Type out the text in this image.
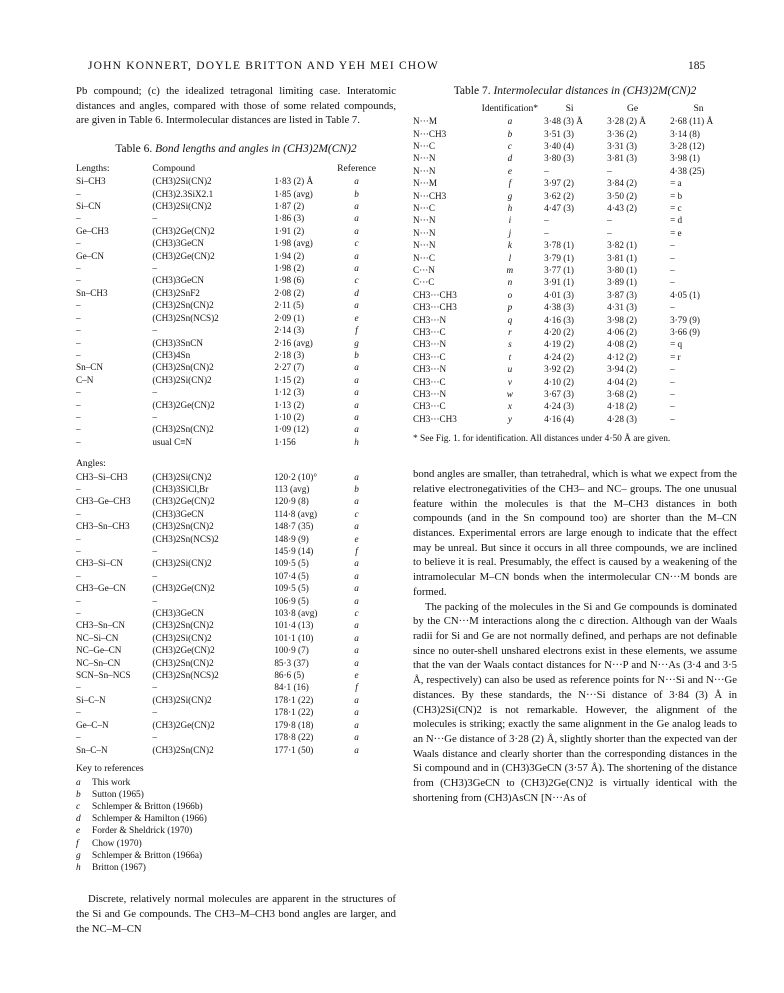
JOHN KONNERT, DOYLE BRITTON AND YEH MEI CHOW	185

Pb compound; (c) the idealized tetragonal limiting case. Interatomic distances and angles, compared with those of some related compounds, are given in Table 6. Intermolecular distances are listed in Table 7.

Table 6. Bond lengths and angles in (CH3)2M(CN)2
Lengths:	Compound		Reference
Si–CH3	(CH3)2Si(CN)2	1·83 (2) Å	a
–	(CH3)2.3SiX2.1	1·85 (avg)	b
Si–CN	(CH3)2Si(CN)2	1·87 (2)	a
–	–	1·86 (3)	a
Ge–CH3	(CH3)2Ge(CN)2	1·91 (2)	a
–	(CH3)3GeCN	1·98 (avg)	c
Ge–CN	(CH3)2Ge(CN)2	1·94 (2)	a
–	–	1·98 (2)	a
–	(CH3)3GeCN	1·98 (6)	c
Sn–CH3	(CH3)2SnF2	2·08 (2)	d
–	(CH3)2Sn(CN)2	2·11 (5)	a
–	(CH3)2Sn(NCS)2	2·09 (1)	e
–	–	2·14 (3)	f
–	(CH3)3SnCN	2·16 (avg)	g
–	(CH3)4Sn	2·18 (3)	b
Sn–CN	(CH3)2Sn(CN)2	2·27 (7)	a
C–N	(CH3)2Si(CN)2	1·15 (2)	a
–	–	1·12 (3)	a
–	(CH3)2Ge(CN)2	1·13 (2)	a
–	–	1·10 (2)	a
–	(CH3)2Sn(CN)2	1·09 (12)	a
–	usual C≡N	1·156	h
Angles:			
CH3–Si–CH3	(CH3)2Si(CN)2	120·2 (10)°	a
–	(CH3)3SiCl,Br	113 (avg)	b
CH3–Ge–CH3	(CH3)2Ge(CN)2	120·9 (8)	a
–	(CH3)3GeCN	114·8 (avg)	c
CH3–Sn–CH3	(CH3)2Sn(CN)2	148·7 (35)	a
–	(CH3)2Sn(NCS)2	148·9 (9)	e
–	–	145·9 (14)	f
CH3–Si–CN	(CH3)2Si(CN)2	109·5 (5)	a
–	–	107·4 (5)	a
CH3–Ge–CN	(CH3)2Ge(CN)2	109·5 (5)	a
–	–	106·9 (5)	a
–	(CH3)3GeCN	103·8 (avg)	c
CH3–Sn–CN	(CH3)2Sn(CN)2	101·4 (13)	a
NC–Si–CN	(CH3)2Si(CN)2	101·1 (10)	a
NC–Ge–CN	(CH3)2Ge(CN)2	100·9 (7)	a
NC–Sn–CN	(CH3)2Sn(CN)2	85·3 (37)	a
SCN–Sn–NCS	(CH3)2Sn(NCS)2	86·6 (5)	e
–	–	84·1 (16)	f
Si–C–N	(CH3)2Si(CN)2	178·1 (22)	a
–	–	178·1 (22)	a
Ge–C–N	(CH3)2Ge(CN)2	179·8 (18)	a
–	–	178·8 (22)	a
Sn–C–N	(CH3)2Sn(CN)2	177·1 (50)	a
Key to references
a This work
b Sutton (1965)
c Schlemper & Britton (1966b)
d Schlemper & Hamilton (1966)
e Forder & Sheldrick (1970)
f Chow (1970)
g Schlemper & Britton (1966a)
h Britton (1967)

Discrete, relatively normal molecules are apparent in the structures of the Si and Ge compounds. The CH3–M–CH3 bond angles are larger, and the NC–M–CN

Table 7. Intermolecular distances in (CH3)2M(CN)2
	Identification*	Si	Ge	Sn
N···M	a	3·48 (3) Å	3·28 (2) Å	2·68 (11) Å
N···CH3	b	3·51 (3)	3·36 (2)	3·14 (8)
N···C	c	3·40 (4)	3·31 (3)	3·28 (12)
N···N	d	3·80 (3)	3·81 (3)	3·98 (1)
N···N	e	–	–	4·38 (25)
N···M	f	3·97 (2)	3·84 (2)	= a
N···CH3	g	3·62 (2)	3·50 (2)	= b
N···C	h	4·47 (3)	4·43 (2)	= c
N···N	i	–	–	= d
N···N	j	–	–	= e
N···N	k	3·78 (1)	3·82 (1)	–
N···C	l	3·79 (1)	3·81 (1)	–
C···N	m	3·77 (1)	3·80 (1)	–
C···C	n	3·91 (1)	3·89 (1)	–
CH3···CH3	o	4·01 (3)	3·87 (3)	4·05 (1)
CH3···CH3	p	4·38 (3)	4·31 (3)	–
CH3···N	q	4·16 (3)	3·98 (2)	3·79 (9)
CH3···C	r	4·20 (2)	4·06 (2)	3·66 (9)
CH3···N	s	4·19 (2)	4·08 (2)	= q
CH3···C	t	4·24 (2)	4·12 (2)	= r
CH3···N	u	3·92 (2)	3·94 (2)	–
CH3···C	v	4·10 (2)	4·04 (2)	–
CH3···N	w	3·67 (3)	3·68 (2)	–
CH3···C	x	4·24 (3)	4·18 (2)	–
CH3···CH3	y	4·16 (4)	4·28 (3)	–
* See Fig. 1. for identification. All distances under 4·50 Å are given.

bond angles are smaller, than tetrahedral, which is what we expect from the relative electronegativities of the CH3– and NC– groups. The one unusual feature within the molecules is that the M–CH3 distances in both compounds (and in the Sn compound too) are shorter than the M–CN distances. Experimental errors are large enough to indicate that the effect may be unreal. But since it occurs in all three compounds, we are inclined to believe it is real. Presumably, the effect is caused by a weakening of the intramolecular M–CN bonds when the intermolecular CN···M bonds are formed.

The packing of the molecules in the Si and Ge compounds is dominated by the CN···M interactions along the c direction. Although van der Waals radii for Si and Ge are not normally defined, and perhaps are not definable since no outer-shell unshared electrons exist in these elements, we assume that the van der Waals contact distances for N···P and N···As (3·4 and 3·5 Å, respectively) can also be used as reference points for N···Si and N···Ge distances. By these standards, the N···Si distance of 3·84 (3) Å in (CH3)2Si(CN)2 is not remarkable. However, the alignment of the molecules is striking; exactly the same alignment in the Ge analog leads to an N···Ge distance of 3·28 (2) Å, slightly shorter than the expected van der Waals distance and clearly shorter than the corresponding distances in the Si compound and in (CH3)3GeCN (3·57 Å). The shortening of the distance from (CH3)3GeCN to (CH3)2Ge(CN)2 is virtually identical with the shortening from (CH3)AsCN [N···As of
